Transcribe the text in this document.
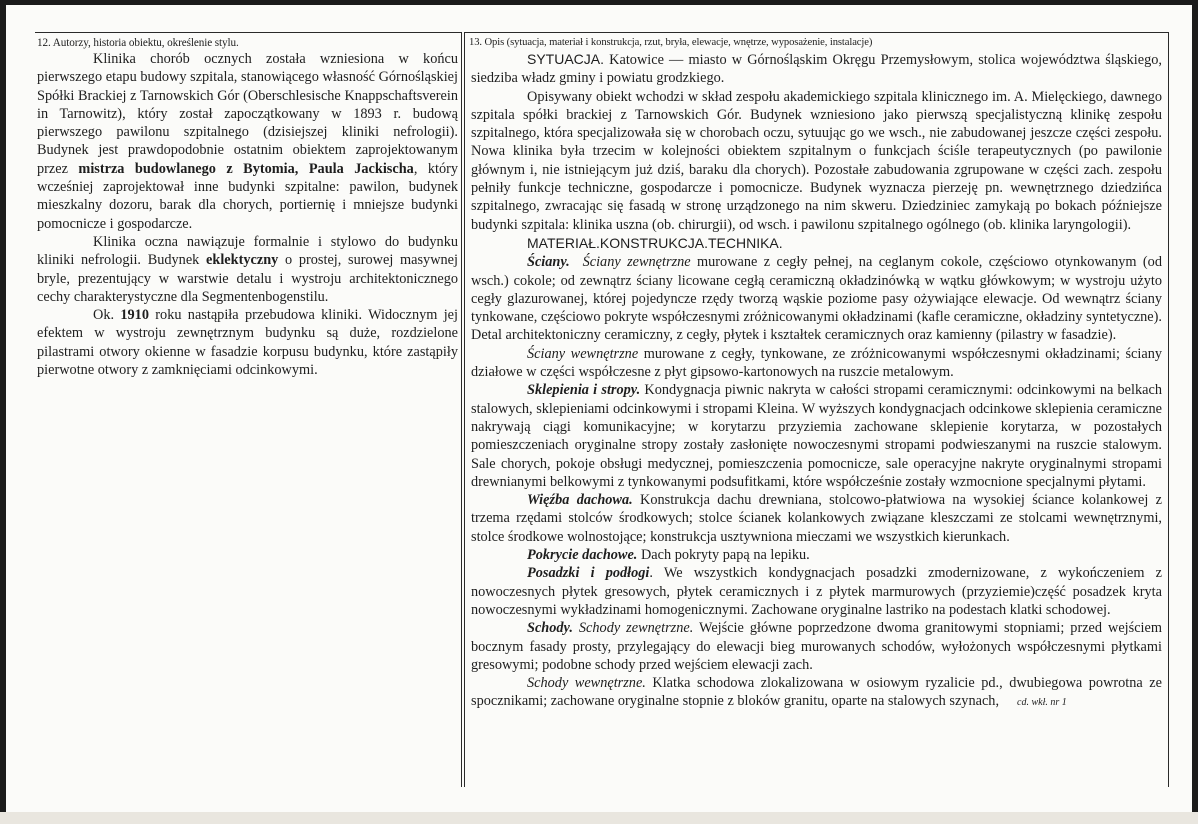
12. Autorzy, historia obiektu, określenie stylu.

Klinika chorób ocznych została wzniesiona w końcu pierwszego etapu budowy szpitala, stanowiącego własność Górnośląskiej Spółki Brackiej z Tarnowskich Gór (Oberschlesische Knappschaftsverein in Tarnowitz), który został zapoczątkowany w 1893 r. budową pierwszego pawilonu szpitalnego (dzisiejszej kliniki nefrologii). Budynek jest prawdopodobnie ostatnim obiektem zaprojektowanym przez mistrza budowlanego z Bytomia, Paula Jackischa, który wcześniej zaprojektował inne budynki szpitalne: pawilon, budynek mieszkalny dozoru, barak dla chorych, portiernię i mniejsze budynki pomocnicze i gospodarcze.

Klinika oczna nawiązuje formalnie i stylowo do budynku kliniki nefrologii. Budynek eklektyczny o prostej, surowej masywnej bryle, prezentujący w warstwie detalu i wystroju architektonicznego cechy charakterystyczne dla Segmentenbogenstilu.

Ok. 1910 roku nastąpiła przebudowa kliniki. Widocznym jej efektem w wystroju zewnętrznym budynku są duże, rozdzielone pilastrami otwory okienne w fasadzie korpusu budynku, które zastąpiły pierwotne otwory z zamknięciami odcinkowymi.

13. Opis (sytuacja, materiał i konstrukcja, rzut, bryła, elewacje, wnętrze, wyposażenie, instalacje)

SYTUACJA. Katowice — miasto w Górnośląskim Okręgu Przemysłowym, stolica województwa śląskiego, siedziba władz gminy i powiatu grodzkiego.

Opisywany obiekt wchodzi w skład zespołu akademickiego szpitala klinicznego im. A. Mielęckiego, dawnego szpitala spółki brackiej z Tarnowskich Gór. Budynek wzniesiono jako pierwszą specjalistyczną klinikę zespołu szpitalnego, która specjalizowała się w chorobach oczu, sytuując go we wsch., nie zabudowanej jeszcze części zespołu. Nowa klinika była trzecim w kolejności obiektem szpitalnym o funkcjach ściśle terapeutycznych (po pawilonie głównym i, nie istniejącym już dziś, baraku dla chorych). Pozostałe zabudowania zgrupowane w części zach. zespołu pełniły funkcje techniczne, gospodarcze i pomocnicze. Budynek wyznacza pierzeję pn. wewnętrznego dziedzińca szpitalnego, zwracając się fasadą w stronę urządzonego na nim skweru. Dziedziniec zamykają po bokach późniejsze budynki szpitala: klinika uszna (ob. chirurgii), od wsch. i pawilonu szpitalnego ogólnego (ob. klinika laryngologii).

MATERIAŁ.KONSTRUKCJA.TECHNIKA.

Ściany. Ściany zewnętrzne murowane z cegły pełnej, na ceglanym cokole, częściowo otynkowanym (od wsch.) cokole; od zewnątrz ściany licowane cegłą ceramiczną okładzinówką w wątku główkowym; w wystroju użyto cegły glazurowanej, której pojedyncze rzędy tworzą wąskie poziome pasy ożywiające elewacje. Od wewnątrz ściany tynkowane, częściowo pokryte współczesnymi zróżnicowanymi okładzinami (kafle ceramiczne, okładziny syntetyczne). Detal architektoniczny ceramiczny, z cegły, płytek i kształtek ceramicznych oraz kamienny (pilastry w fasadzie).

Ściany wewnętrzne murowane z cegły, tynkowane, ze zróżnicowanymi współczesnymi okładzinami; ściany działowe w części współczesne z płyt gipsowo-kartonowych na ruszcie metalowym.

Sklepienia i stropy. Kondygnacja piwnic nakryta w całości stropami ceramicznymi: odcinkowymi na belkach stalowych, sklepieniami odcinkowymi i stropami Kleina. W wyższych kondygnacjach odcinkowe sklepienia ceramiczne nakrywają ciągi komunikacyjne; w korytarzu przyziemia zachowane sklepienie korytarza, w pozostałych pomieszczeniach oryginalne stropy zostały zasłonięte nowoczesnymi stropami podwieszanymi na ruszcie stalowym. Sale chorych, pokoje obsługi medycznej, pomieszczenia pomocnicze, sale operacyjne nakryte oryginalnymi stropami drewnianymi belkowymi z tynkowanymi podsufitkami, które współcześnie zostały wzmocnione specjalnymi płytami.

Więźba dachowa. Konstrukcja dachu drewniana, stolcowo-płatwiowa na wysokiej ściance kolankowej z trzema rzędami stolców środkowych; stolce ścianek kolankowych związane kleszczami ze stolcami wewnętrznymi, stolce środkowe wolnostojące; konstrukcja usztywniona mieczami we wszystkich kierunkach.

Pokrycie dachowe. Dach pokryty papą na lepiku.

Posadzki i podłogi. We wszystkich kondygnacjach posadzki zmodernizowane, z wykończeniem z nowoczesnych płytek gresowych, płytek ceramicznych i z płytek marmurowych (przyziemie)część posadzek kryta nowoczesnymi wykładzinami homogenicznymi. Zachowane oryginalne lastriko na podestach klatki schodowej.

Schody. Schody zewnętrzne. Wejście główne poprzedzone dwoma granitowymi stopniami; przed wejściem bocznym fasady prosty, przylegający do elewacji bieg murowanych schodów, wyłożonych współczesnymi płytkami gresowymi; podobne schody przed wejściem elewacji zach.

Schody wewnętrzne. Klatka schodowa zlokalizowana w osiowym ryzalicie pd., dwubiegowa powrotna ze spocznikami; zachowane oryginalne stopnie z bloków granitu, oparte na stalowych szynach, cd. wkł. nr 1
